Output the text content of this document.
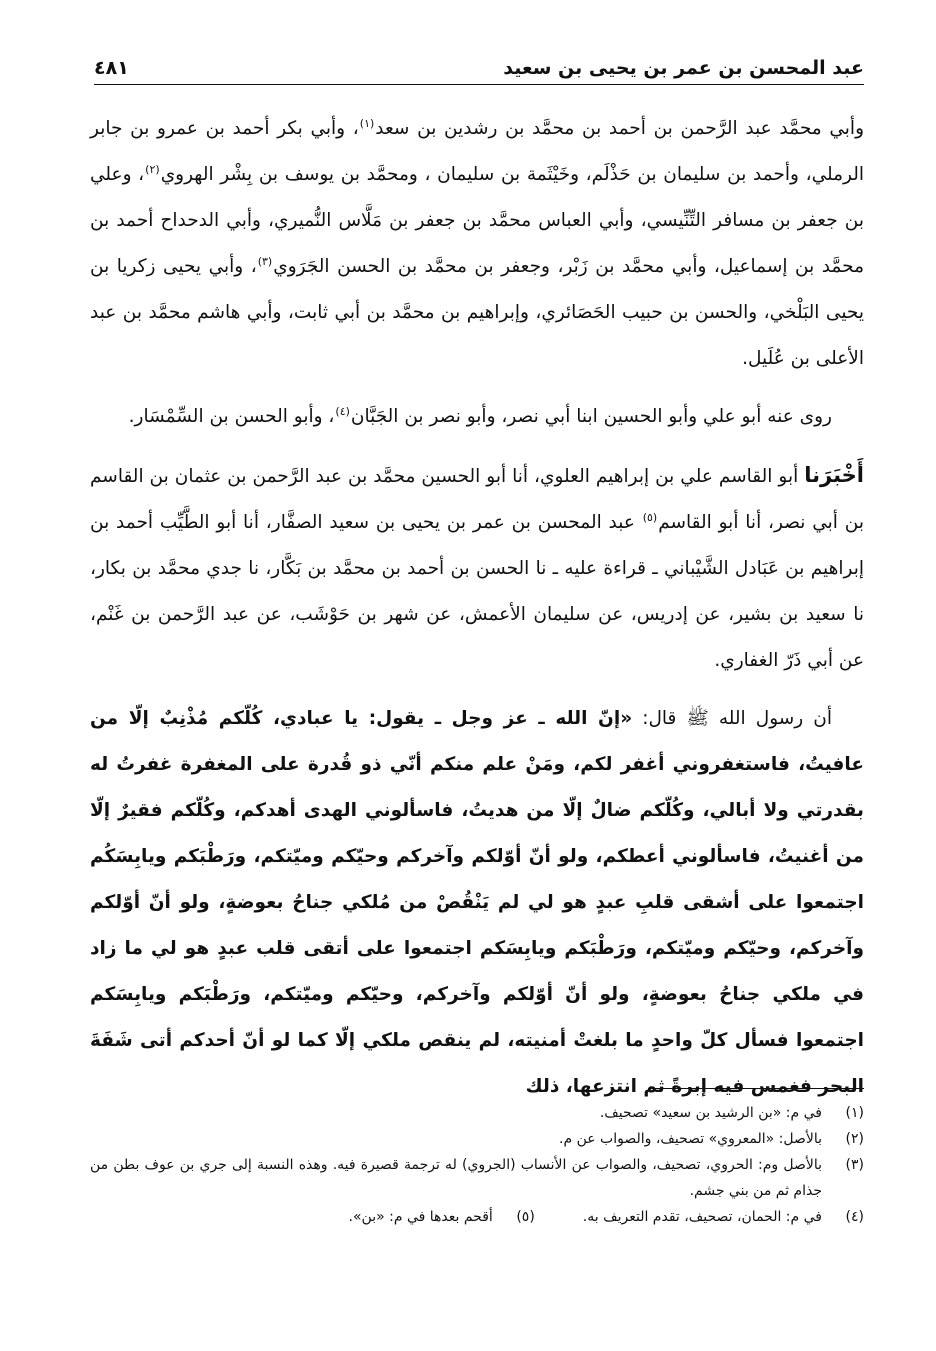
عبد المحسن بن عمر بن يحيى بن سعيد
٤٨١

وأبي محمَّد عبد الرَّحمن بن أحمد بن محمَّد بن رشدين بن سعد$^{(١)}$، وأبي بكر أحمد بن عمرو بن جابر الرملي، وأحمد بن سليمان بن حَذْلَم، وخَيْثَمة بن سليمان ، ومحمَّد بن يوسف بن بِشْر الهروي$^{(٢)}$، وعلي بن جعفر بن مسافر التِّنِّيسي، وأبي العباس محمَّد بن جعفر بن مَلَّاس النُّميري، وأبي الدحداح أحمد بن محمَّد بن إسماعيل، وأبي محمَّد بن زَبْر، وجعفر بن محمَّد بن الحسن الجَرَوي$^{(٣)}$، وأبي يحيى زكريا بن يحيى البَلْخي، والحسن بن حبيب الحَصَائري، وإبراهيم بن محمَّد بن أبي ثابت، وأبي هاشم محمَّد بن عبد الأعلى بن عُلَيل.

روى عنه أبو علي وأبو الحسين ابنا أبي نصر، وأبو نصر بن الجَبَّان$^{(٤)}$، وأبو الحسن بن السِّمْسَار.

أَخْبَرَنا أبو القاسم علي بن إبراهيم العلوي، أنا أبو الحسين محمَّد بن عبد الرَّحمن بن عثمان بن القاسم بن أبي نصر، أنا أبو القاسم$^{(٥)}$ عبد المحسن بن عمر بن يحيى بن سعيد الصفَّار، أنا أبو الطَّيِّب أحمد بن إبراهيم بن عَبَادل الشَّيْباني ـ قراءة عليه ـ نا الحسن بن أحمد بن محمَّد بن بَكَّار، نا جدي محمَّد بن بكار، نا سعيد بن بشير، عن إدريس، عن سليمان الأعمش، عن شهر بن حَوْشَب، عن عبد الرَّحمن بن غَنْم، عن أبي ذَرّ الغفاري.

أن رسول الله ﷺ قال: «إنّ الله ـ عز وجل ـ يقول: يا عبادي، كُلّكم مُذْنِبٌ إلّا من عافيتُ، فاستغفروني أغفر لكم، ومَنْ علم منكم أنّي ذو قُدرة على المغفرة غفرتُ له بقدرتي ولا أبالي، وكُلّكم ضالٌ إلّا من هديتُ، فاسألوني الهدى أهدكم، وكُلّكم فقيرٌ إلّا من أغنيتُ، فاسألوني أعطكم، ولو أنّ أوّلكم وآخركم وحيّكم وميّتكم، ورَطْبَكم ويابِسَكُم اجتمعوا على أشقى قلبِ عبدٍ هو لي لم يَنْقُصْ من مُلكي جناحُ بعوضةٍ، ولو أنّ أوّلكم وآخركم، وحيّكم وميّتكم، ورَطْبَكم ويابِسَكم اجتمعوا على أتقى قلب عبدٍ هو لي ما زاد في ملكي جناحُ بعوضةٍ، ولو أنّ أوّلكم وآخركم، وحيّكم وميّتكم، ورَطْبَكم ويابِسَكم اجتمعوا فسأل كلّ واحدٍ ما بلغتْ أمنيته، لم ينقص ملكي إلّا كما لو أنّ أحدكم أتى شَفَةَ البحر فغمس فيه إبرةً ثم انتزعها، ذلك

(١)
في م: «بن الرشيد بن سعيد» تصحيف.
(٢)
بالأصل: «المعروي» تصحيف، والصواب عن م.
(٣)
بالأصل وم: الحروي، تصحيف، والصواب عن الأنساب (الجروي) له ترجمة قصيرة فيه. وهذه النسبة إلى جري بن عوف بطن من جذام ثم من بني جشم.
(٤)
في م: الحمان، تصحيف، تقدم التعريف به.
(٥)
أقحم بعدها في م: «بن».
